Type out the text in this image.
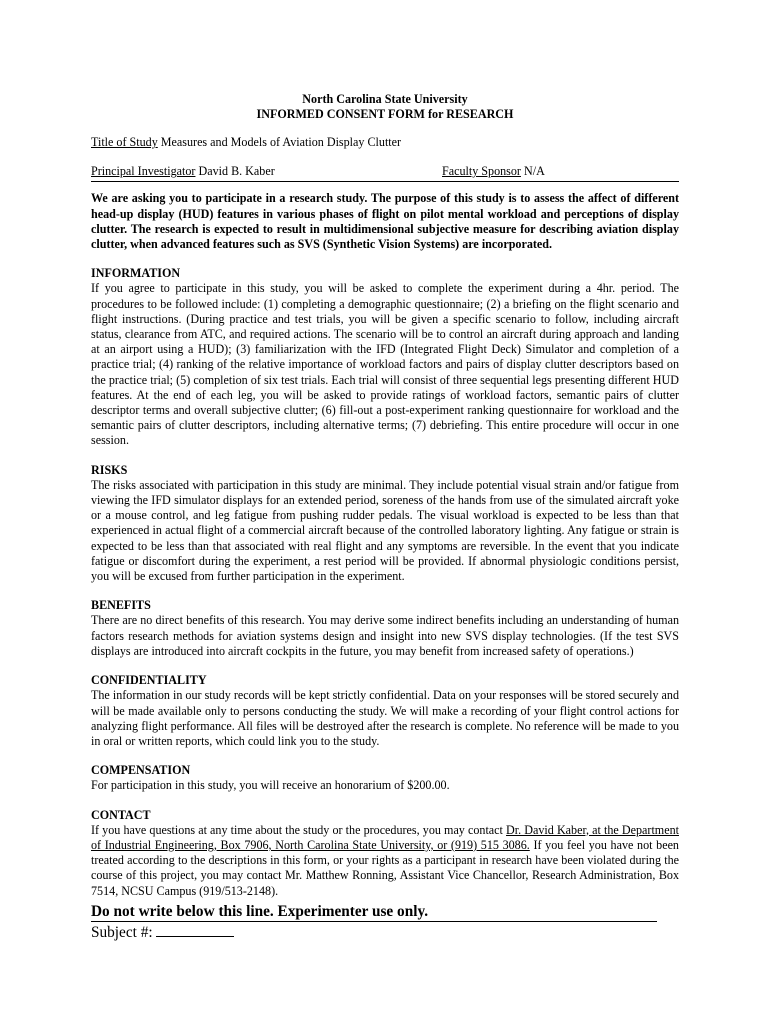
North Carolina State University
INFORMED CONSENT FORM for RESEARCH
Title of Study Measures and Models of Aviation Display Clutter
Principal Investigator David B. Kaber	Faculty Sponsor N/A
We are asking you to participate in a research study. The purpose of this study is to assess the affect of different head-up display (HUD) features in various phases of flight on pilot mental workload and perceptions of display clutter. The research is expected to result in multidimensional subjective measure for describing aviation display clutter, when advanced features such as SVS (Synthetic Vision Systems) are incorporated.
INFORMATION
If you agree to participate in this study, you will be asked to complete the experiment during a 4hr. period. The procedures to be followed include: (1) completing a demographic questionnaire; (2) a briefing on the flight scenario and flight instructions. (During practice and test trials, you will be given a specific scenario to follow, including aircraft status, clearance from ATC, and required actions. The scenario will be to control an aircraft during approach and landing at an airport using a HUD); (3) familiarization with the IFD (Integrated Flight Deck) Simulator and completion of a practice trial; (4) ranking of the relative importance of workload factors and pairs of display clutter descriptors based on the practice trial; (5) completion of six test trials. Each trial will consist of three sequential legs presenting different HUD features. At the end of each leg, you will be asked to provide ratings of workload factors, semantic pairs of clutter descriptor terms and overall subjective clutter; (6) fill-out a post-experiment ranking questionnaire for workload and the semantic pairs of clutter descriptors, including alternative terms; (7) debriefing. This entire procedure will occur in one session.
RISKS
The risks associated with participation in this study are minimal. They include potential visual strain and/or fatigue from viewing the IFD simulator displays for an extended period, soreness of the hands from use of the simulated aircraft yoke or a mouse control, and leg fatigue from pushing rudder pedals. The visual workload is expected to be less than that experienced in actual flight of a commercial aircraft because of the controlled laboratory lighting. Any fatigue or strain is expected to be less than that associated with real flight and any symptoms are reversible. In the event that you indicate fatigue or discomfort during the experiment, a rest period will be provided. If abnormal physiologic conditions persist, you will be excused from further participation in the experiment.
BENEFITS
There are no direct benefits of this research. You may derive some indirect benefits including an understanding of human factors research methods for aviation systems design and insight into new SVS display technologies. (If the test SVS displays are introduced into aircraft cockpits in the future, you may benefit from increased safety of operations.)
CONFIDENTIALITY
The information in our study records will be kept strictly confidential. Data on your responses will be stored securely and will be made available only to persons conducting the study. We will make a recording of your flight control actions for analyzing flight performance. All files will be destroyed after the research is complete. No reference will be made to you in oral or written reports, which could link you to the study.
COMPENSATION
For participation in this study, you will receive an honorarium of $200.00.
CONTACT
If you have questions at any time about the study or the procedures, you may contact Dr. David Kaber, at the Department of Industrial Engineering, Box 7906, North Carolina State University, or (919) 515 3086. If you feel you have not been treated according to the descriptions in this form, or your rights as a participant in research have been violated during the course of this project, you may contact Mr. Matthew Ronning, Assistant Vice Chancellor, Research Administration, Box 7514, NCSU Campus (919/513-2148).
Do not write below this line. Experimenter use only.
Subject #:
